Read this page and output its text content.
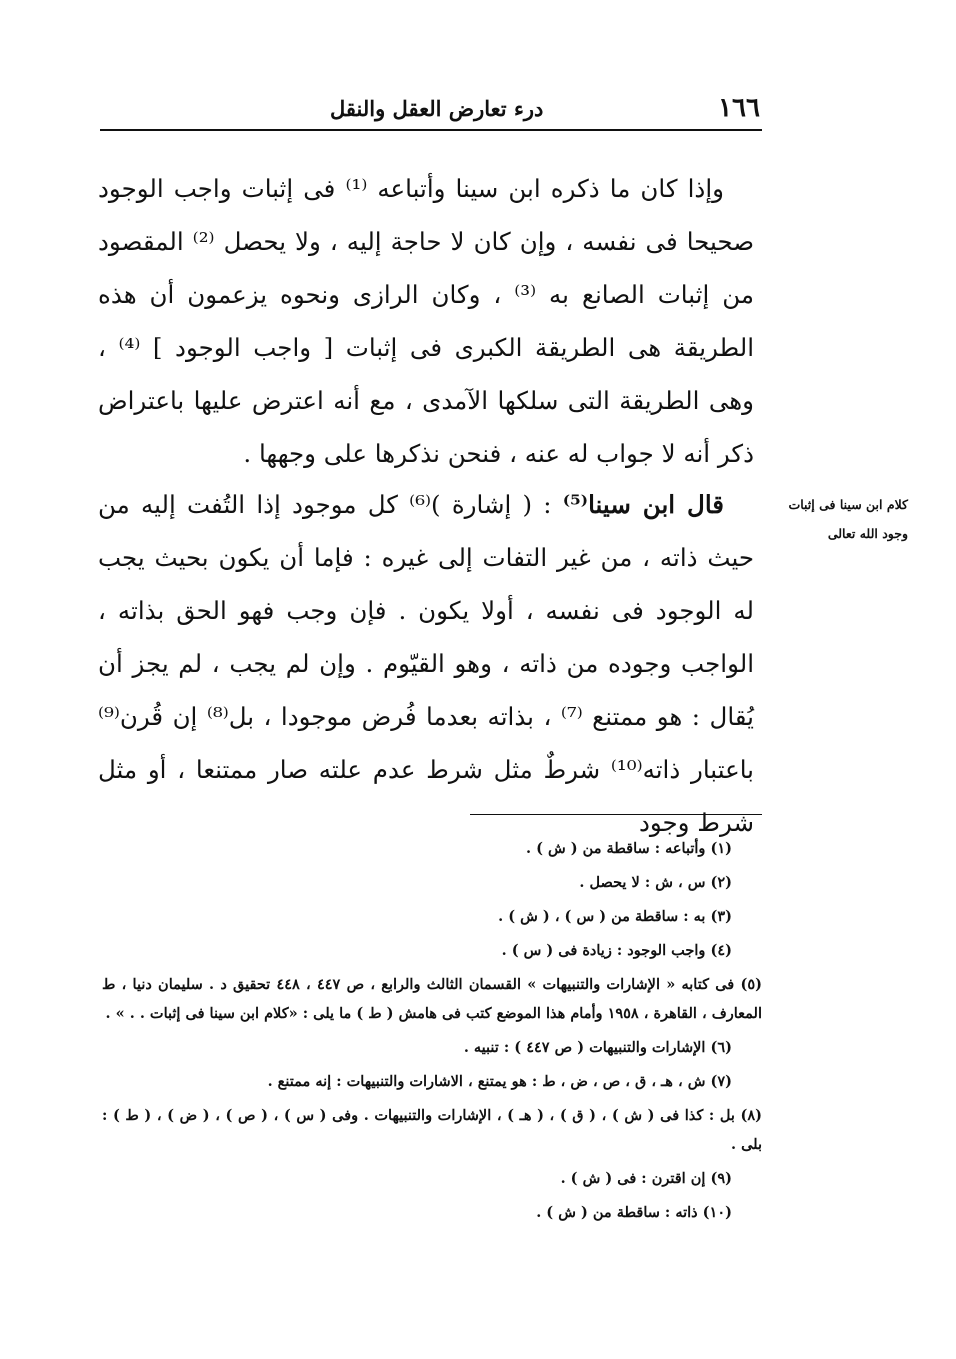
١٦٦
درء تعارض العقل والنقل

وإذا كان ما ذكره ابن سينا وأتباعه ⁽¹⁾ فى إثبات واجب الوجود صحيحا فى نفسه ، وإن كان لا حاجة إليه ، ولا يحصل ⁽²⁾ المقصود من إثبات الصانع به ⁽³⁾ ، وكان الرازى ونحوه يزعمون أن هذه الطريقة هى الطريقة الكبرى فى إثبات [ واجب الوجود ] ⁽⁴⁾ ، وهى الطريقة التى سلكها الآمدى ، مع أنه اعترض عليها باعتراض ذكر أنه لا جواب له عنه ، فنحن نذكرها على وجهها .

قال ابن سينا⁽⁵⁾ : ( إشارة )⁽⁶⁾ كل موجود إذا التُفت إليه من حيث ذاته ، من غير التفات إلى غيره : فإما أن يكون بحيث يجب له الوجود فى نفسه ، أولا يكون . فإن وجب فهو الحق بذاته ، الواجب وجوده من ذاته ، وهو القيّوم . وإن لم يجب ، لم يجز أن يُقال : هو ممتنع ⁽⁷⁾ ، بذاته بعدما فُرض موجودا ، بل⁽⁸⁾ إن قُرن⁽⁹⁾ باعتبار ذاته⁽¹⁰⁾ شرطٌ مثل شرط عدم علته صار ممتنعا ، أو مثل شرط وجود

كلام ابن سينا فى إثبات وجود الله تعالى
(١) وأتباعه : ساقطة من ( ش ) .
(٢) س ، ش : لا يحصل .
(٣) به : ساقطة من ( س ) ، ( ش ) .
(٤) واجب الوجود : زيادة فى ( س ) .
(٥) فى كتابه « الإشارات والتنبيهات » القسمان الثالث والرابع ، ص ٤٤٧ ، ٤٤٨ تحقيق د . سليمان دنيا ، ط المعارف ، القاهرة ، ١٩٥٨ وأمام هذا الموضع كتب فى هامش ( ط ) ما يلى : «كلام ابن سينا فى إثبات . . » .
(٦) الإشارات والتنبيهات ( ص ٤٤٧ ) : تنبيه .
(٧) ش ، هـ ، ق ، ص ، ض ، ط : هو يمتنع ، الاشارات والتنبيهات : إنه ممتنع .
(٨) بل : كذا فى ( ش ) ، ( ق ) ، ( هـ ) ، الإشارات والتنبيهات . وفى ( س ) ، ( ص ) ، ( ض ) ، ( ط ) : بلى .
(٩) إن اقترن : فى ( ش ) .
(١٠) ذاته : ساقطة من ( ش ) .
